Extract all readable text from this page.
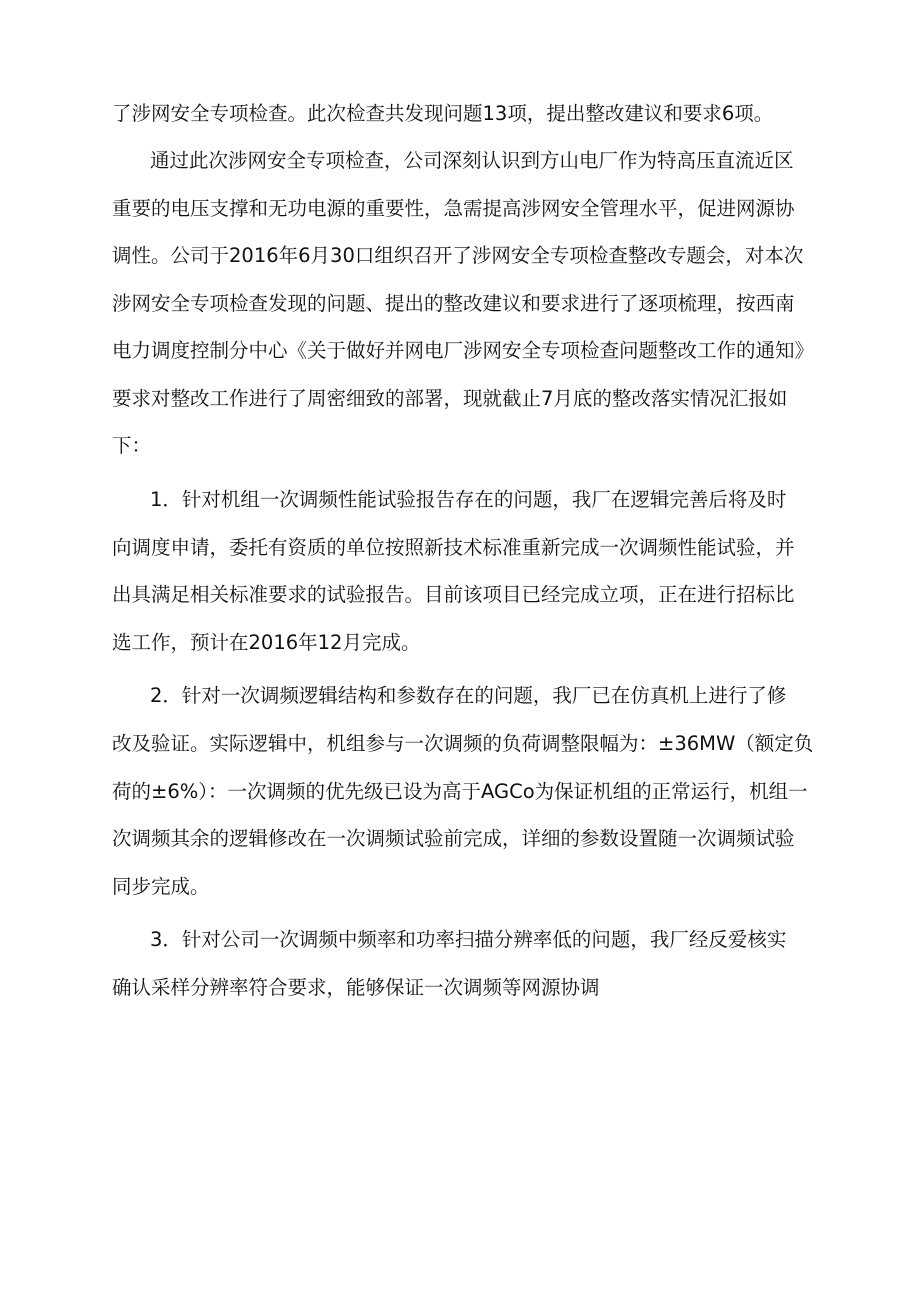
了涉网安全专项检查。此次检查共发现问题13项，提出整改建议和要求6项。
通过此次涉网安全专项检查，公司深刻认识到方山电厂作为特高压直流近区
重要的电压支撑和无功电源的重要性，急需提高涉网安全管理水平，促进网源协
调性。公司于2016年6月30口组织召开了涉网安全专项检查整改专题会，对本次
涉网安全专项检查发现的问题、提出的整改建议和要求进行了逐项梳理，按西南
电力调度控制分中心《关于做好并网电厂涉网安全专项检查问题整改工作的通知》
要求对整改工作进行了周密细致的部署，现就截止7月底的整改落实情况汇报如
下：
1．针对机组一次调频性能试验报告存在的问题，我厂在逻辑完善后将及时
向调度申请，委托有资质的单位按照新技术标准重新完成一次调频性能试验，并
出具满足相关标准要求的试验报告。目前该项目已经完成立项，正在进行招标比
选工作，预计在2016年12月完成。
2．针对一次调频逻辑结构和参数存在的问题，我厂已在仿真机上进行了修
改及验证。实际逻辑中，机组参与一次调频的负荷调整限幅为：±36MW（额定负
荷的±6%）：一次调频的优先级已设为高于AGCo为保证机组的正常运行，机组一
次调频其余的逻辑修改在一次调频试验前完成，详细的参数设置随一次调频试验
同步完成。
3．针对公司一次调频中频率和功率扫描分辨率低的问题，我厂经反爱核实
确认采样分辨率符合要求，能够保证一次调频等网源协调
